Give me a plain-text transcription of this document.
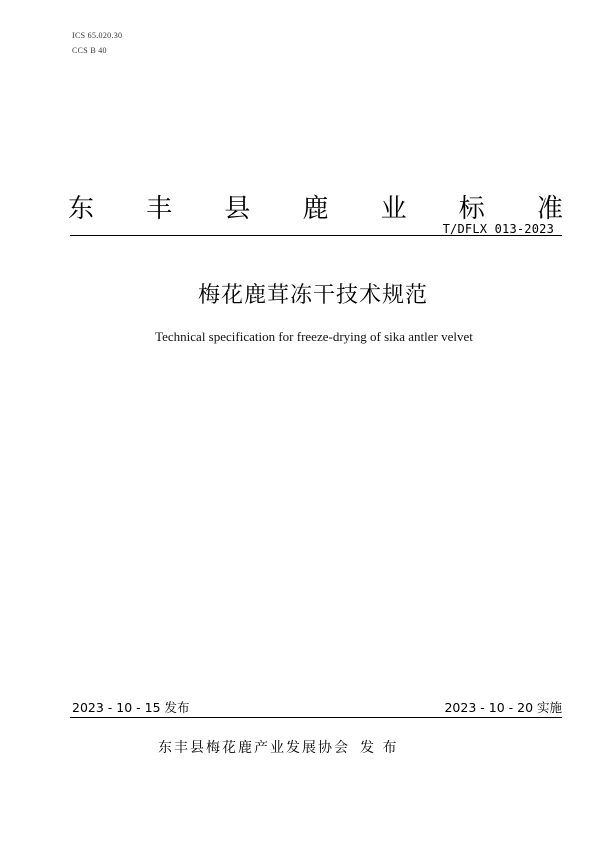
ICS 65.020.30
CCS B 40
东 丰 县 鹿 业 标 准
T/DFLX 013-2023
梅花鹿茸冻干技术规范
Technical specification for freeze-drying of sika antler velvet
2023 - 10 - 15 发布	2023 - 10 - 20 实施
东丰县梅花鹿产业发展协会 发 布
